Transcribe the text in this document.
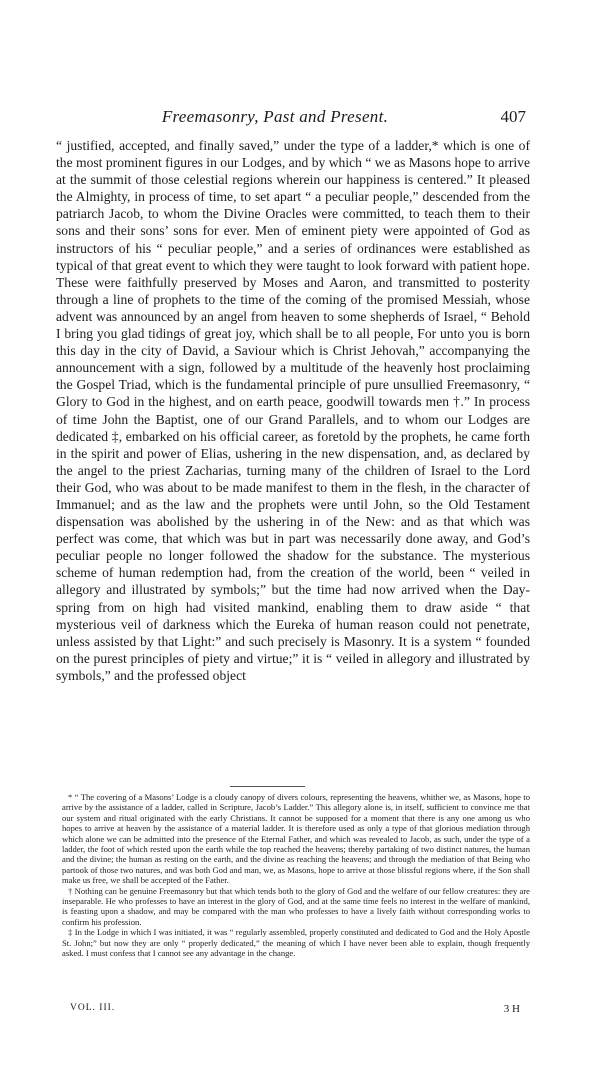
Freemasonry, Past and Present.	407

“ justified, accepted, and finally saved,” under the type of a ladder,* which is one of the most prominent figures in our Lodges, and by which “ we as Masons hope to arrive at the summit of those celestial regions wherein our happiness is centered.” It pleased the Almighty, in process of time, to set apart “ a peculiar people,” descended from the patriarch Jacob, to whom the Divine Oracles were committed, to teach them to their sons and their sons’ sons for ever. Men of eminent piety were appointed of God as instructors of his “ peculiar people,” and a series of ordinances were established as typical of that great event to which they were taught to look forward with patient hope. These were faithfully preserved by Moses and Aaron, and transmitted to posterity through a line of prophets to the time of the coming of the promised Messiah, whose advent was announced by an angel from heaven to some shepherds of Israel, “ Behold I bring you glad tidings of great joy, which shall be to all people, For unto you is born this day in the city of David, a Saviour which is Christ Jehovah,” accompanying the announcement with a sign, followed by a multitude of the heavenly host proclaiming the Gospel Triad, which is the fundamental principle of pure unsullied Freemasonry, “ Glory to God in the highest, and on earth peace, goodwill towards men †.” In process of time John the Baptist, one of our Grand Parallels, and to whom our Lodges are dedicated ‡, embarked on his official career, as foretold by the prophets, he came forth in the spirit and power of Elias, ushering in the new dispensation, and, as declared by the angel to the priest Zacharias, turning many of the children of Israel to the Lord their God, who was about to be made manifest to them in the flesh, in the character of Immanuel; and as the law and the prophets were until John, so the Old Testament dispensation was abolished by the ushering in of the New: and as that which was perfect was come, that which was but in part was necessarily done away, and God’s peculiar people no longer followed the shadow for the substance. The mysterious scheme of human redemption had, from the creation of the world, been “ veiled in allegory and illustrated by symbols;” but the time had now arrived when the Day-spring from on high had visited mankind, enabling them to draw aside “ that mysterious veil of darkness which the Eureka of human reason could not penetrate, unless assisted by that Light:” and such precisely is Masonry. It is a system “ founded on the purest principles of piety and virtue;” it is “ veiled in allegory and illustrated by symbols,” and the professed object

* “ The covering of a Masons’ Lodge is a cloudy canopy of divers colours, representing the heavens, whither we, as Masons, hope to arrive by the assistance of a ladder, called in Scripture, Jacob’s Ladder.” This allegory alone is, in itself, sufficient to convince me that our system and ritual originated with the early Christians. It cannot be supposed for a moment that there is any one among us who hopes to arrive at heaven by the assistance of a material ladder. It is therefore used as only a type of that glorious mediation through which alone we can be admitted into the presence of the Eternal Father, and which was revealed to Jacob, as such, under the type of a ladder, the foot of which rested upon the earth while the top reached the heavens; thereby partaking of two distinct natures, the human and the divine; the human as resting on the earth, and the divine as reaching the heavens; and through the mediation of that Being who partook of those two natures, and was both God and man, we, as Masons, hope to arrive at those blissful regions where, if the Son shall make us free, we shall be accepted of the Father.

† Nothing can be genuine Freemasonry but that which tends both to the glory of God and the welfare of our fellow creatures: they are inseparable. He who professes to have an interest in the glory of God, and at the same time feels no interest in the welfare of mankind, is feasting upon a shadow, and may be compared with the man who professes to have a lively faith without corresponding works to confirm his profession.

‡ In the Lodge in which I was initiated, it was “ regularly assembled, properly constituted and dedicated to God and the Holy Apostle St. John;” but now they are only “ properly dedicated,” the meaning of which I have never been able to explain, though frequently asked. I must confess that I cannot see any advantage in the change.

VOL. III.	3 H
